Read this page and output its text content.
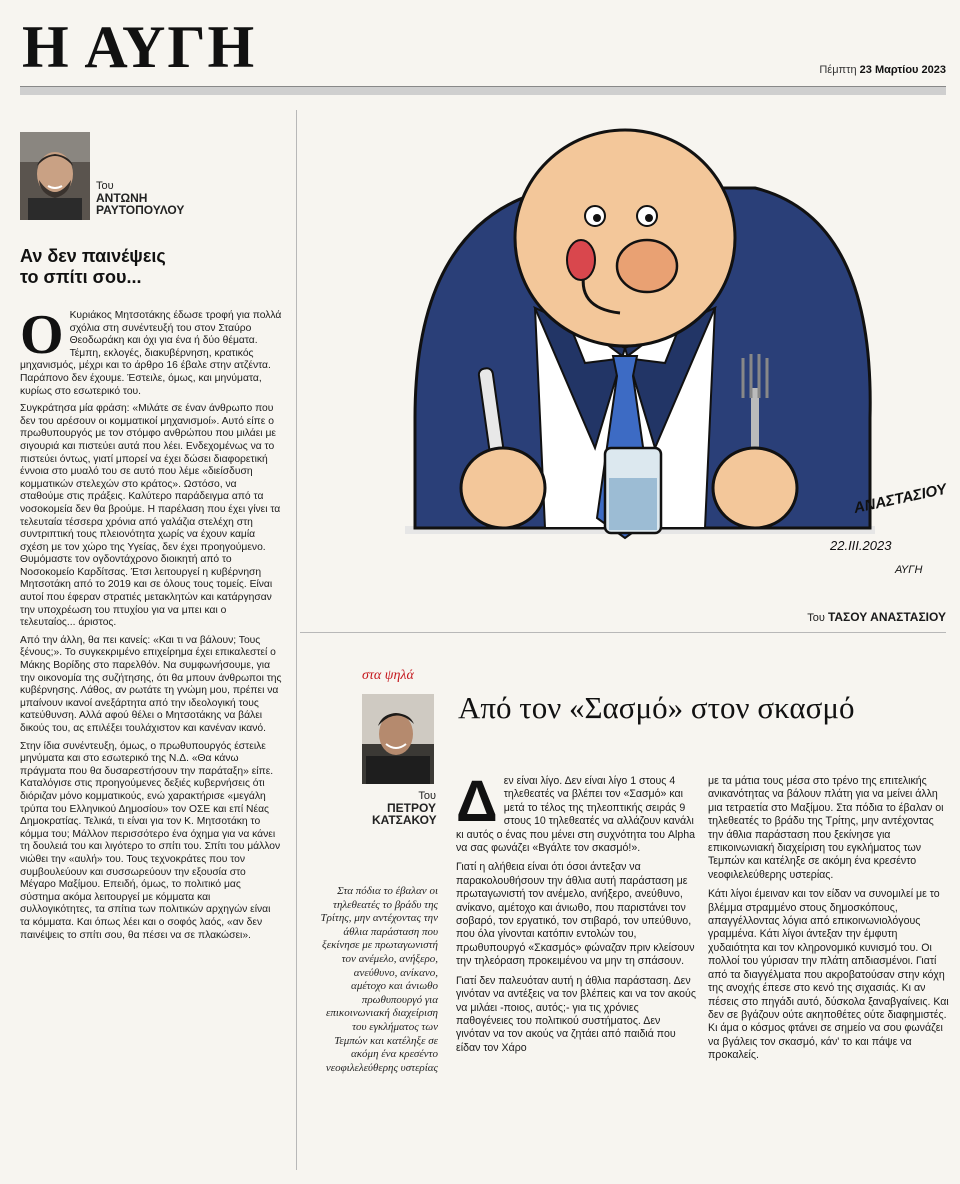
Η ΑΥΓΗ	Πέμπτη 23 Μαρτίου 2023
Του
ΑΝΤΩΝΗ
ΡΑΥΤΟΠΟΥΛΟΥ
Αν δεν παινέψεις
το σπίτι σου...

Ο Κυριάκος Μητσοτάκης έδωσε τροφή για πολλά σχόλια στη συνέντευξή του στον Σταύρο Θεοδωράκη και όχι για ένα ή δύο θέματα. Τέμπη, εκλογές, διακυβέρνηση, κρατικός μηχανισμός, μέχρι και το άρθρο 16 έβαλε στην ατζέντα. Παράπονο δεν έχουμε. Έστειλε, όμως, και μηνύματα, κυρίως στο εσωτερικό του.

Συγκράτησα μία φράση: «Μιλάτε σε έναν άνθρωπο που δεν του αρέσουν οι κομματικοί μηχανισμοί». Αυτό είπε ο πρωθυπουργός με τον στόμφο ανθρώπου που μιλάει με σιγουριά και πιστεύει αυτά που λέει. Ενδεχομένως να το πιστεύει όντως, γιατί μπορεί να έχει δώσει διαφορετική έννοια στο μυαλό του σε αυτό που λέμε «διείσδυση κομματικών στελεχών στο κράτος». Ωστόσο, να σταθούμε στις πράξεις. Καλύτερο παράδειγμα από τα νοσοκομεία δεν θα βρούμε. Η παρέλαση που έχει γίνει τα τελευταία τέσσερα χρόνια από γαλάζια στελέχη στη συντριπτική τους πλειονότητα χωρίς να έχουν καμία σχέση με τον χώρο της Υγείας, δεν έχει προηγούμενο. Θυμόμαστε τον ογδοντάχρονο διοικητή από το Νοσοκομείο Καρδίτσας. Έτσι λειτουργεί η κυβέρνηση Μητσοτάκη από το 2019 και σε όλους τους τομείς. Είναι αυτοί που έφεραν στρατιές μετακλητών και κατάργησαν την υποχρέωση του πτυχίου για να μπει και ο τελευταίος... άριστος.

Από την άλλη, θα πει κανείς: «Και τι να βάλουν; Τους ξένους;». Το συγκεκριμένο επιχείρημα έχει επικαλεστεί ο Μάκης Βορίδης στο παρελθόν. Να συμφωνήσουμε, για την οικονομία της συζήτησης, ότι θα μπουν άνθρωποι της κυβέρνησης. Λάθος, αν ρωτάτε τη γνώμη μου, πρέπει να μπαίνουν ικανοί ανεξάρτητα από την ιδεολογική τους κατεύθυνση. Αλλά αφού θέλει ο Μητσοτάκης να βάλει δικούς του, ας επιλέξει τουλάχιστον και κανέναν ικανό.

Στην ίδια συνέντευξη, όμως, ο πρωθυπουργός έστειλε μηνύματα και στο εσωτερικό της Ν.Δ. «Θα κάνω πράγματα που θα δυσαρεστήσουν την παράταξη» είπε. Καταλόγισε στις προηγούμενες δεξιές κυβερνήσεις ότι διόριζαν μόνο κομματικούς, ενώ χαρακτήρισε «μεγάλη τρύπα του Ελληνικού Δημοσίου» τον ΟΣΕ και επί Νέας Δημοκρατίας. Τελικά, τι είναι για τον Κ. Μητσοτάκη το κόμμα του; Μάλλον περισσότερο ένα όχημα για να κάνει τη δουλειά του και λιγότερο το σπίτι του. Σπίτι του μάλλον νιώθει την «αυλή» του. Τους τεχνοκράτες που τον συμβουλεύουν και συσσωρεύουν την εξουσία στο Μέγαρο Μαξίμου. Επειδή, όμως, το πολιτικό μας σύστημα ακόμα λειτουργεί με κόμματα και συλλογικότητες, τα σπίτια των πολιτικών αρχηγών είναι τα κόμματα. Και όπως λέει και ο σοφός λαός, «αν δεν παινέψεις το σπίτι σου, θα πέσει να σε πλακώσει».

ΑΝΑΣΤΑΣΙΟΥ
22.ΙΙΙ.2023
ΑΥΓΗ
Του ΤΑΣΟΥ ΑΝΑΣΤΑΣΙΟΥ
στα ψηλά
Από τον «Σασμό» στον σκασμό
Του
ΠΕΤΡΟΥ
ΚΑΤΣΑΚΟΥ
Στα πόδια το έβαλαν οι τηλεθεατές το βράδυ της Τρίτης, μην αντέχοντας την άθλια παράσταση που ξεκίνησε με πρωταγωνιστή τον ανέμελο, ανήξερο, ανεύθυνο, ανίκανο, αμέτοχο και άνιωθο πρωθυπουργό για επικοινωνιακή διαχείριση του εγκλήματος των Τεμπών και κατέληξε σε ακόμη ένα κρεσέντο νεοφιλελεύθερης υστερίας

Δεν είναι λίγο. Δεν είναι λίγο 1 στους 4 τηλεθεατές να βλέπει τον «Σασμό» και μετά το τέλος της τηλεοπτικής σειράς 9 στους 10 τηλεθεατές να αλλάζουν κανάλι κι αυτός ο ένας που μένει στη συχνότητα του Alpha να σας φωνάζει «Βγάλτε τον σκασμό!».

Γιατί η αλήθεια είναι ότι όσοι άντεξαν να παρακολουθήσουν την άθλια αυτή παράσταση με πρωταγωνιστή τον ανέμελο, ανήξερο, ανεύθυνο, ανίκανο, αμέτοχο και άνιωθο, που παριστάνει τον σοβαρό, τον εργατικό, τον στιβαρό, τον υπεύθυνο, που όλα γίνονται κατόπιν εντολών του, πρωθυπουργό «Σκασμός» φώναζαν πριν κλείσουν την τηλεόραση προκειμένου να μην τη σπάσουν.

Γιατί δεν παλευόταν αυτή η άθλια παράσταση. Δεν γινόταν να αντέξεις να τον βλέπεις και να τον ακούς να μιλάει -ποιος, αυτός;- για τις χρόνιες παθογένειες του πολιτικού συστήματος. Δεν γινόταν να τον ακούς να ζητάει από παιδιά που είδαν τον Χάρο

με τα μάτια τους μέσα στο τρένο της επιτελικής ανικανότητας να βάλουν πλάτη για να μείνει άλλη μια τετραετία στο Μαξίμου. Στα πόδια το έβαλαν οι τηλεθεατές το βράδυ της Τρίτης, μην αντέχοντας την άθλια παράσταση που ξεκίνησε για επικοινωνιακή διαχείριση του εγκλήματος των Τεμπών και κατέληξε σε ακόμη ένα κρεσέντο νεοφιλελεύθερης υστερίας.

Κάτι λίγοι έμειναν και τον είδαν να συνομιλεί με το βλέμμα στραμμένο στους δημοσκόπους, απαγγέλλοντας λόγια από επικοινωνιολόγους γραμμένα. Κάτι λίγοι άντεξαν την έμφυτη χυδαιότητα και τον κληρονομικό κυνισμό του. Οι πολλοί του γύρισαν την πλάτη απδιασμένοι. Γιατί από τα διαγγέλματα που ακροβατούσαν στην κόχη της ανοχής έπεσε στο κενό της σιχασιάς. Κι αν πέσεις στο πηγάδι αυτό, δύσκολα ξαναβγαίνεις. Και δεν σε βγάζουν ούτε ακηποθέτες ούτε διαφημιστές. Κι άμα ο κόσμος φτάνει σε σημείο να σου φωνάζει να βγάλεις τον σκασμό, κάν' το και πάψε να προκαλείς.
